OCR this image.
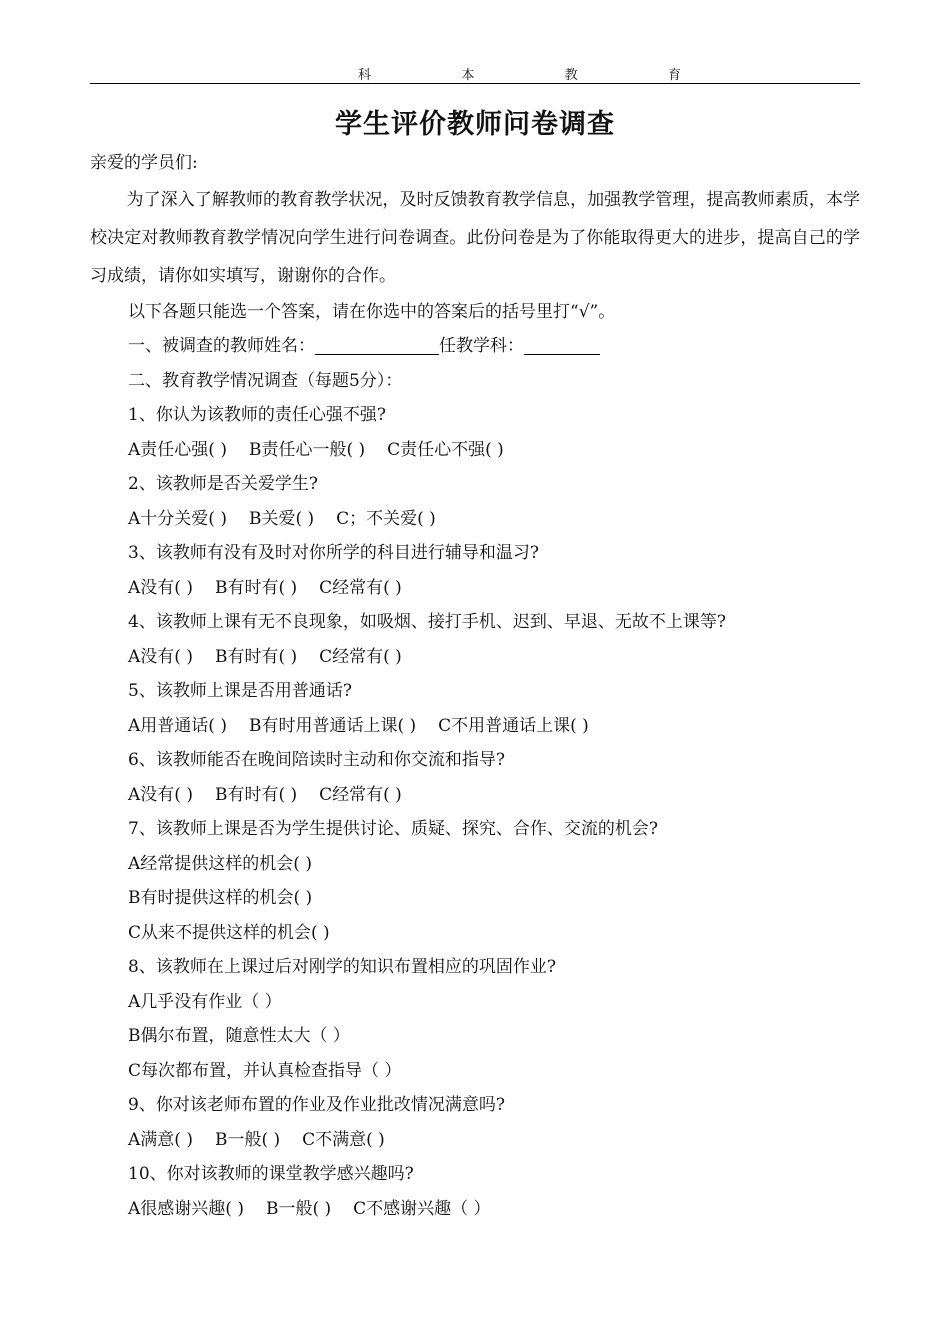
科	本	教	育
学生评价教师问卷调查
亲爱的学员们:
为了深入了解教师的教育教学状况，及时反馈教育教学信息，加强教学管理，提高教师素质，本学校决定对教师教育教学情况向学生进行问卷调查。此份问卷是为了你能取得更大的进步，提高自己的学习成绩，请你如实填写，谢谢你的合作。
以下各题只能选一个答案，请在你选中的答案后的括号里打“√”。
一、被调查的教师姓名：	任教学科：
二、教育教学情况调查（每题5分）：
1、你认为该教师的责任心强不强?
A责任心强( ) B责任心一般( ) C责任心不强( )
2、该教师是否关爱学生?
A十分关爱( ) B关爱( ) C；不关爱( )
3、该教师有没有及时对你所学的科目进行辅导和温习?
A没有( ) B有时有( ) C经常有( )
4、该教师上课有无不良现象，如吸烟、接打手机、迟到、早退、无故不上课等?
A没有( ) B有时有( ) C经常有( )
5、该教师上课是否用普通话?
A用普通话( ) B有时用普通话上课( ) C不用普通话上课( )
6、该教师能否在晚间陪读时主动和你交流和指导?
A没有( ) B有时有( ) C经常有( )
7、该教师上课是否为学生提供讨论、质疑、探究、合作、交流的机会?
A经常提供这样的机会( )
B有时提供这样的机会( )
C从来不提供这样的机会( )
8、该教师在上课过后对刚学的知识布置相应的巩固作业?
A几乎没有作业（ ）
B偶尔布置，随意性太大（ ）
C每次都布置，并认真检查指导（ ）
9、你对该老师布置的作业及作业批改情况满意吗?
A满意( ) B一般( ) C不满意( )
10、你对该教师的课堂教学感兴趣吗?
A很感谢兴趣( ) B一般( ) C不感谢兴趣（ ）
